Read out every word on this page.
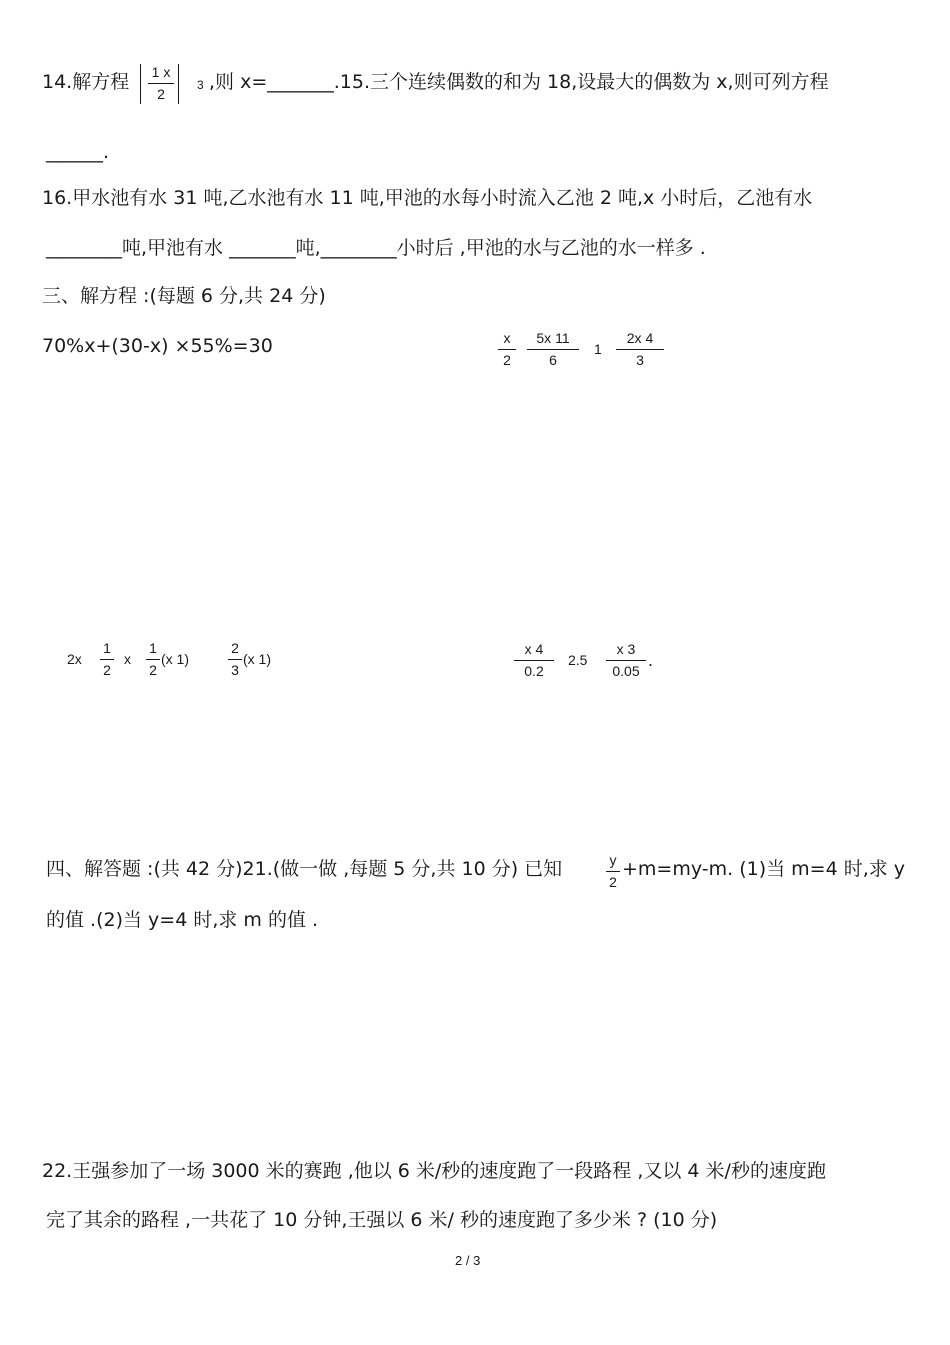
14.解方程	1 x
2
3 ,则 x=_______.15.三个连续偶数的和为 18,设最大的偶数为 x,则可列方程
______.
16.甲水池有水 31 吨,乙水池有水 11 吨,甲池的水每小时流入乙池 2 吨,x 小时后，乙池有水
________吨,甲池有水 _______吨,________小时后 ,甲池的水与乙池的水一样多 .
三、解方程 :(每题 6 分,共 24 分)
70%x+(30-x) ×55%=30	x
2
5x 11
6
1
2x 4
3
2x
1
2
x
1
2
(x 1)
2
3
(x 1)
x 4
0.2
2.5
x 3
0.05
.
四、解答题 :(共 42 分)21.(做一做 ,每题 5 分,共 10 分) 已知	y
2
+m=my-m. (1)当 m=4 时,求 y
的值 .(2)当 y=4 时,求 m 的值 .
22.王强参加了一场 3000 米的赛跑 ,他以 6 米/秒的速度跑了一段路程 ,又以 4 米/秒的速度跑
完了其余的路程 ,一共花了 10 分钟,王强以 6 米/ 秒的速度跑了多少米 ? (10 分)
2 / 3
